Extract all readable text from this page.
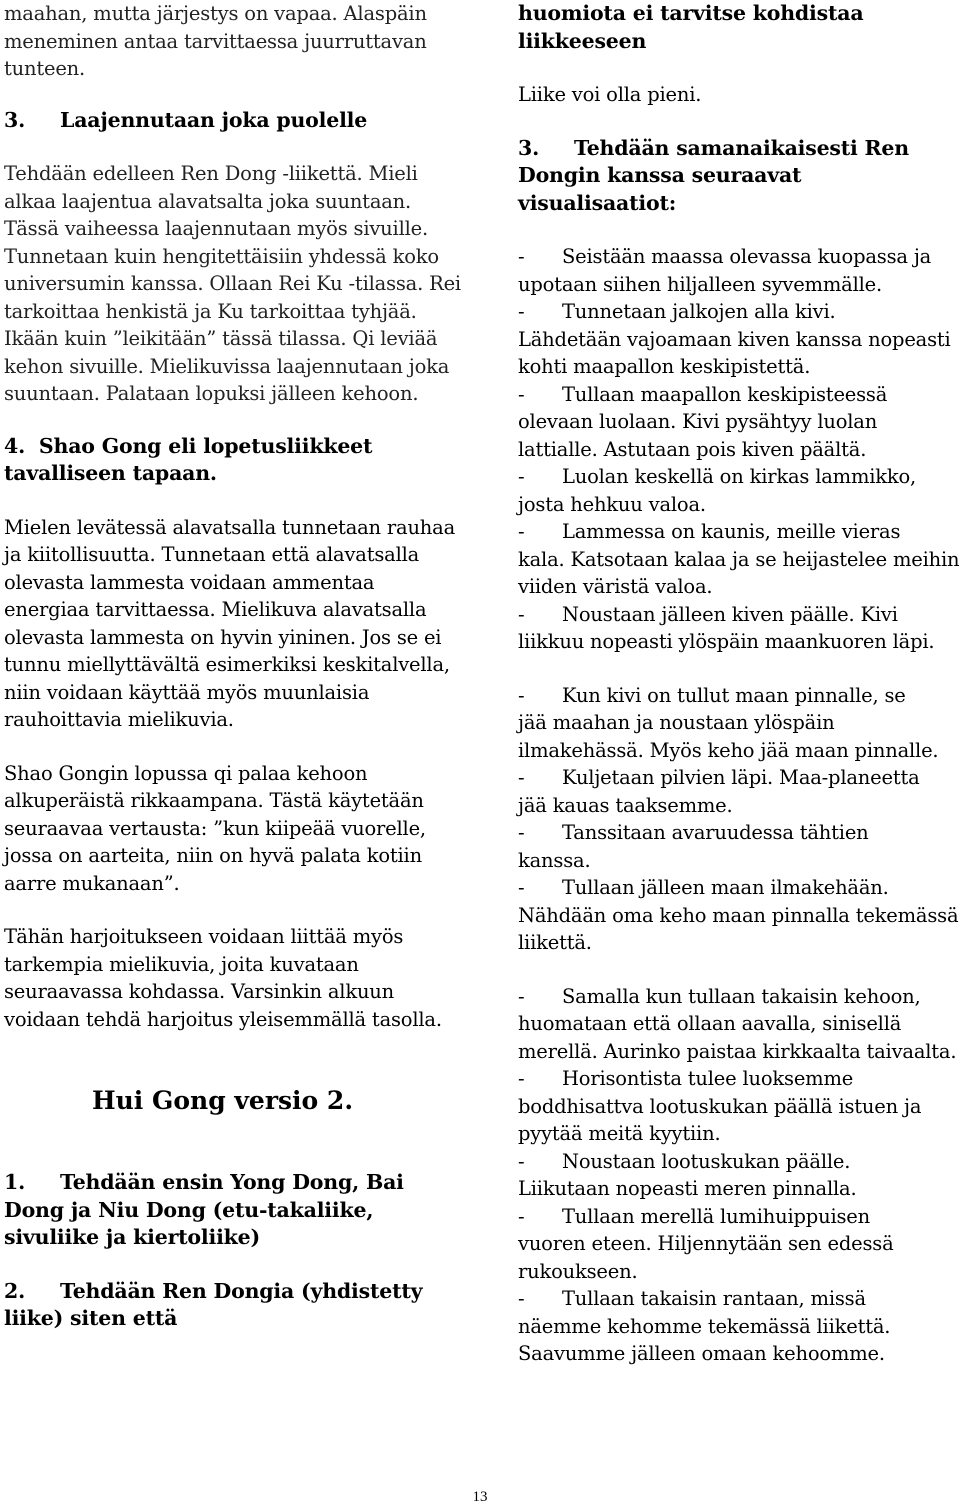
maahan, mutta järjestys on vapaa. Alaspäin meneminen antaa tarvittaessa juurruttavan tunteen.

3. Laajennutaan joka puolelle

Tehdään edelleen Ren Dong -liikettä. Mieli alkaa laajentua alavatsalta joka suuntaan. Tässä vaiheessa laajennutaan myös sivuille. Tunnetaan kuin hengitettäisiin yhdessä koko universumin kanssa. Ollaan Rei Ku -tilassa. Rei tarkoittaa henkistä ja Ku tarkoittaa tyhjää. Ikään kuin ”leikitään” tässä tilassa. Qi leviää kehon sivuille. Mielikuvissa laajennutaan joka suuntaan. Palataan lopuksi jälleen kehoon.

4. Shao Gong eli lopetusliikkeet tavalliseen tapaan.

Mielen levätessä alavatsalla tunnetaan rauhaa ja kiitollisuutta. Tunnetaan että alavatsalla olevasta lammesta voidaan ammentaa energiaa tarvittaessa. Mielikuva alavatsalla olevasta lammesta on hyvin yininen. Jos se ei tunnu miellyttävältä esimerkiksi keskitalvella, niin voidaan käyttää myös muunlaisia rauhoittavia mielikuvia.

Shao Gongin lopussa qi palaa kehoon alkuperäistä rikkaampana. Tästä käytetään seuraavaa vertausta: ”kun kiipeää vuorelle, jossa on aarteita, niin on hyvä palata kotiin aarre mukanaan”.

Tähän harjoitukseen voidaan liittää myös tarkempia mielikuvia, joita kuvataan seuraavassa kohdassa. Varsinkin alkuun voidaan tehdä harjoitus yleisemmällä tasolla.

Hui Gong versio 2.

1. Tehdään ensin Yong Dong, Bai Dong ja Niu Dong (etu-takaliike, sivuliike ja kiertoliike)

2. Tehdään Ren Dongia (yhdistetty liike) siten että

huomiota ei tarvitse kohdistaa liikkeeseen

Liike voi olla pieni.

3. Tehdään samanaikaisesti Ren Dongin kanssa seuraavat visualisaatiot:

-	Seistään maassa olevassa kuopassa ja

upotaan siihen hiljalleen syvemmälle.

-	Tunnetaan jalkojen alla kivi.

Lähdetään vajoamaan kiven kanssa nopeasti kohti maapallon keskipistettä.

-	Tullaan maapallon keskipisteessä

olevaan luolaan. Kivi pysähtyy luolan lattialle. Astutaan pois kiven päältä.

-	Luolan keskellä on kirkas lammikko,

josta hehkuu valoa.

-	Lammessa on kaunis, meille vieras

kala. Katsotaan kalaa ja se heijastelee meihin viiden väristä valoa.

-	Noustaan jälleen kiven päälle. Kivi

liikkuu nopeasti ylöspäin maankuoren läpi.

-	Kun kivi on tullut maan pinnalle, se

jää maahan ja noustaan ylöspäin ilmakehässä. Myös keho jää maan pinnalle.

-	Kuljetaan pilvien läpi. Maa-planeetta

jää kauas taaksemme.

-	Tanssitaan avaruudessa tähtien

kanssa.

-	Tullaan jälleen maan ilmakehään.

Nähdään oma keho maan pinnalla tekemässä liikettä.

-	Samalla kun tullaan takaisin kehoon,

huomataan että ollaan aavalla, sinisellä merellä. Aurinko paistaa kirkkaalta taivaalta.

-	Horisontista tulee luoksemme

boddhisattva lootuskukan päällä istuen ja pyytää meitä kyytiin.

-	Noustaan lootuskukan päälle.

Liikutaan nopeasti meren pinnalla.

-	Tullaan merellä lumihuippuisen

vuoren eteen. Hiljennytään sen edessä rukoukseen.

-	Tullaan takaisin rantaan, missä

näemme kehomme tekemässä liikettä. Saavumme jälleen omaan kehoomme.

13
